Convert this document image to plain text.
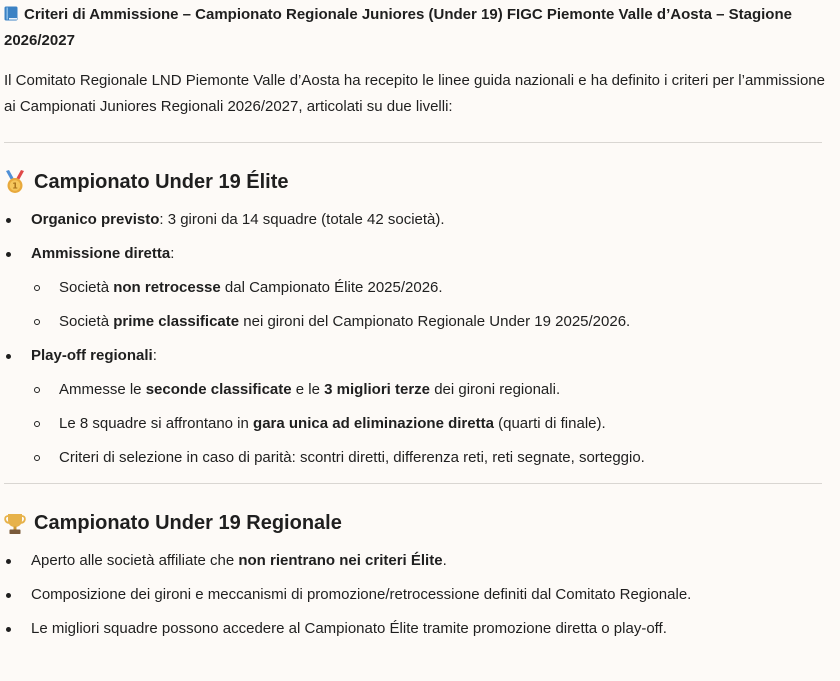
Criteri di Ammissione – Campionato Regionale Juniores (Under 19) FIGC Piemonte Valle d’Aosta – Stagione 2026/2027

Il Comitato Regionale LND Piemonte Valle d’Aosta ha recepito le linee guida nazionali e ha definito i criteri per l’ammissione ai Campionati Juniores Regionali 2026/2027, articolati su due livelli:

1 Campionato Under 19 Élite
Organico previsto: 3 gironi da 14 squadre (totale 42 società).
Ammissione diretta:
Società non retrocesse dal Campionato Élite 2025/2026.
Società prime classificate nei gironi del Campionato Regionale Under 19 2025/2026.
Play-off regionali:
Ammesse le seconde classificate e le 3 migliori terze dei gironi regionali.
Le 8 squadre si affrontano in gara unica ad eliminazione diretta (quarti di finale).
Criteri di selezione in caso di parità: scontri diretti, differenza reti, reti segnate, sorteggio.
Campionato Under 19 Regionale
Aperto alle società affiliate che non rientrano nei criteri Élite.
Composizione dei gironi e meccanismi di promozione/retrocessione definiti dal Comitato Regionale.
Le migliori squadre possono accedere al Campionato Élite tramite promozione diretta o play-off.
